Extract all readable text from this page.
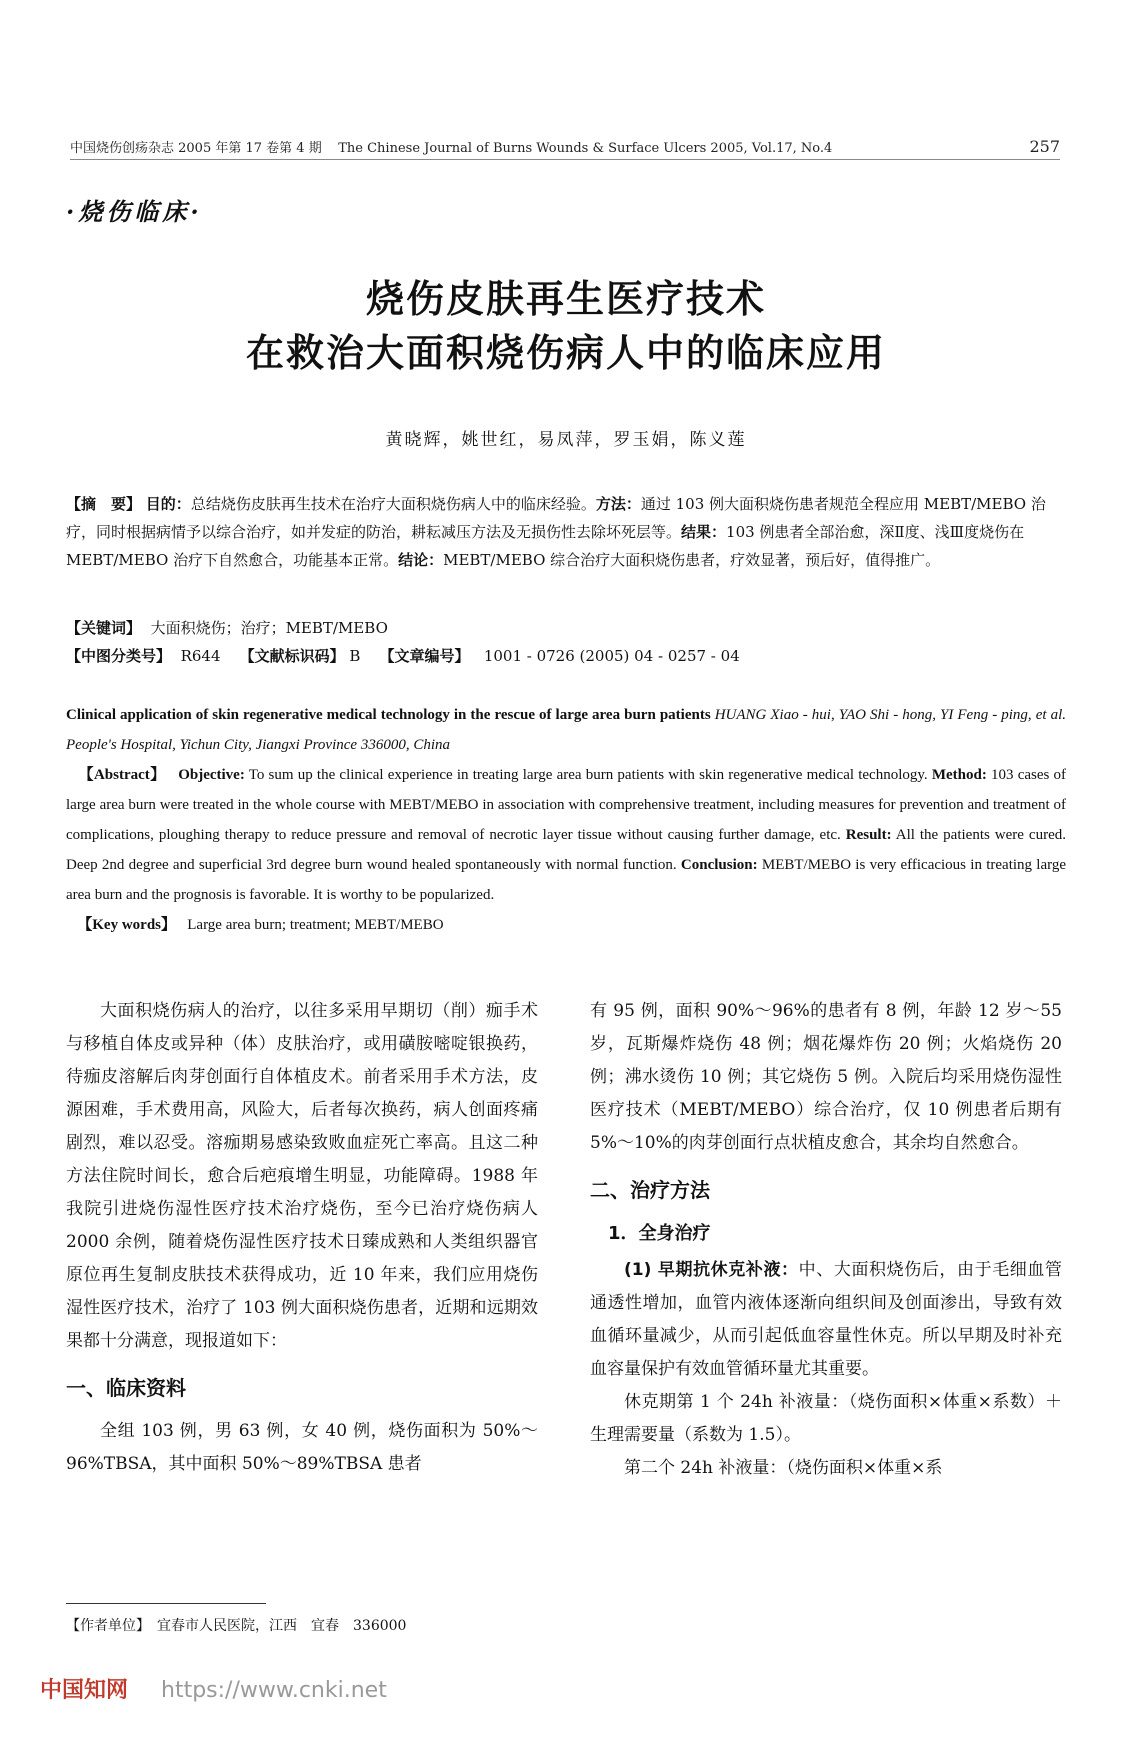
中国烧伤创疡杂志 2005 年第 17 卷第 4 期 The Chinese Journal of Burns Wounds & Surface Ulcers 2005, Vol.17, No.4	257
·烧伤临床·
烧伤皮肤再生医疗技术
在救治大面积烧伤病人中的临床应用
黄晓辉，姚世红，易凤萍，罗玉娟，陈义莲
【摘　要】 目的：总结烧伤皮肤再生技术在治疗大面积烧伤病人中的临床经验。方法：通过 103 例大面积烧伤患者规范全程应用 MEBT/MEBO 治疗，同时根据病情予以综合治疗，如并发症的防治，耕耘减压方法及无损伤性去除坏死层等。结果：103 例患者全部治愈，深Ⅱ度、浅Ⅲ度烧伤在 MEBT/MEBO 治疗下自然愈合，功能基本正常。结论：MEBT/MEBO 综合治疗大面积烧伤患者，疗效显著，预后好，值得推广。
【关键词】 大面积烧伤；治疗；MEBT/MEBO
【中图分类号】 R644 【文献标识码】 B 【文章编号】 1001 - 0726 (2005) 04 - 0257 - 04
Clinical application of skin regenerative medical technology in the rescue of large area burn patients HUANG Xiao - hui, YAO Shi - hong, YI Feng - ping, et al. People's Hospital, Yichun City, Jiangxi Province 336000, China
【Abstract】 Objective: To sum up the clinical experience in treating large area burn patients with skin regenerative medical technology. Method: 103 cases of large area burn were treated in the whole course with MEBT/MEBO in association with comprehensive treatment, including measures for prevention and treatment of complications, ploughing therapy to reduce pressure and removal of necrotic layer tissue without causing further damage, etc. Result: All the patients were cured. Deep 2nd degree and superficial 3rd degree burn wound healed spontaneously with normal function. Conclusion: MEBT/MEBO is very efficacious in treating large area burn and the prognosis is favorable. It is worthy to be popularized.
【Key words】 Large area burn; treatment; MEBT/MEBO

大面积烧伤病人的治疗，以往多采用早期切（削）痂手术与移植自体皮或异种（体）皮肤治疗，或用磺胺嘧啶银换药，待痂皮溶解后肉芽创面行自体植皮术。前者采用手术方法，皮源困难，手术费用高，风险大，后者每次换药，病人创面疼痛剧烈，难以忍受。溶痂期易感染致败血症死亡率高。且这二种方法住院时间长，愈合后疤痕增生明显，功能障碍。1988 年我院引进烧伤湿性医疗技术治疗烧伤，至今已治疗烧伤病人 2000 余例，随着烧伤湿性医疗技术日臻成熟和人类组织器官原位再生复制皮肤技术获得成功，近 10 年来，我们应用烧伤湿性医疗技术，治疗了 103 例大面积烧伤患者，近期和远期效果都十分满意，现报道如下：

一、临床资料

全组 103 例，男 63 例，女 40 例，烧伤面积为 50%～96%TBSA，其中面积 50%～89%TBSA 患者

有 95 例，面积 90%～96%的患者有 8 例，年龄 12 岁～55 岁，瓦斯爆炸烧伤 48 例；烟花爆炸伤 20 例；火焰烧伤 20 例；沸水烫伤 10 例；其它烧伤 5 例。入院后均采用烧伤湿性医疗技术（MEBT/MEBO）综合治疗，仅 10 例患者后期有 5%～10%的肉芽创面行点状植皮愈合，其余均自然愈合。

二、治疗方法
1．全身治疗

(1) 早期抗休克补液：中、大面积烧伤后，由于毛细血管通透性增加，血管内液体逐渐向组织间及创面渗出，导致有效血循环量减少，从而引起低血容量性休克。所以早期及时补充血容量保护有效血管循环量尤其重要。

休克期第 1 个 24h 补液量：（烧伤面积×体重×系数）＋生理需要量（系数为 1.5）。

第二个 24h 补液量：（烧伤面积×体重×系

【作者单位】　宜春市人民医院，江西　宜春　336000
中国知网 https://www.cnki.net
